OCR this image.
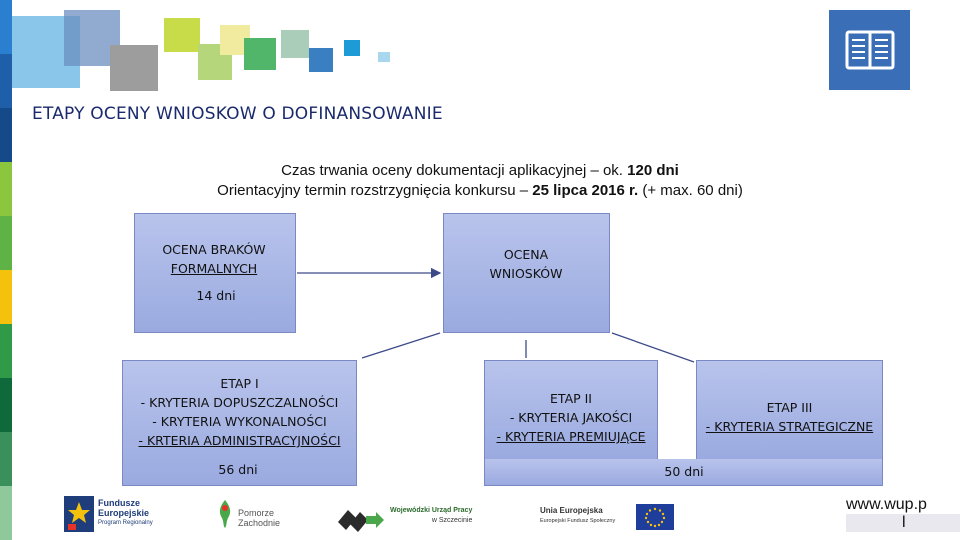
ETAPY OCENY WNIOSKOW O DOFINANSOWANIE
Czas trwania oceny dokumentacji aplikacyjnej – ok. 120 dni
Orientacyjny termin rozstrzygnięcia konkursu – 25 lipca 2016 r. (+ max. 60 dni)
OCENA BRAKÓW
FORMALNYCH
14 dni
OCENA
WNIOSKÓW
ETAP I
- KRYTERIA DOPUSZCZALNOŚCI
- KRYTERIA WYKONALNOŚCI
- KRTERIA ADMINISTRACYJNOŚCI
56 dni
ETAP II
- KRYTERIA JAKOŚCI
- KRYTERIA PREMIUJĄCE
ETAP III
- KRYTERIA STRATEGICZNE
50 dni
Fundusze
Europejskie
Program Regionalny
Pomorze
Zachodnie
Wojewódzki Urząd Pracy
w Szczecinie
Unia Europejska
Europejski Fundusz Społeczny
www.wup.p
l
